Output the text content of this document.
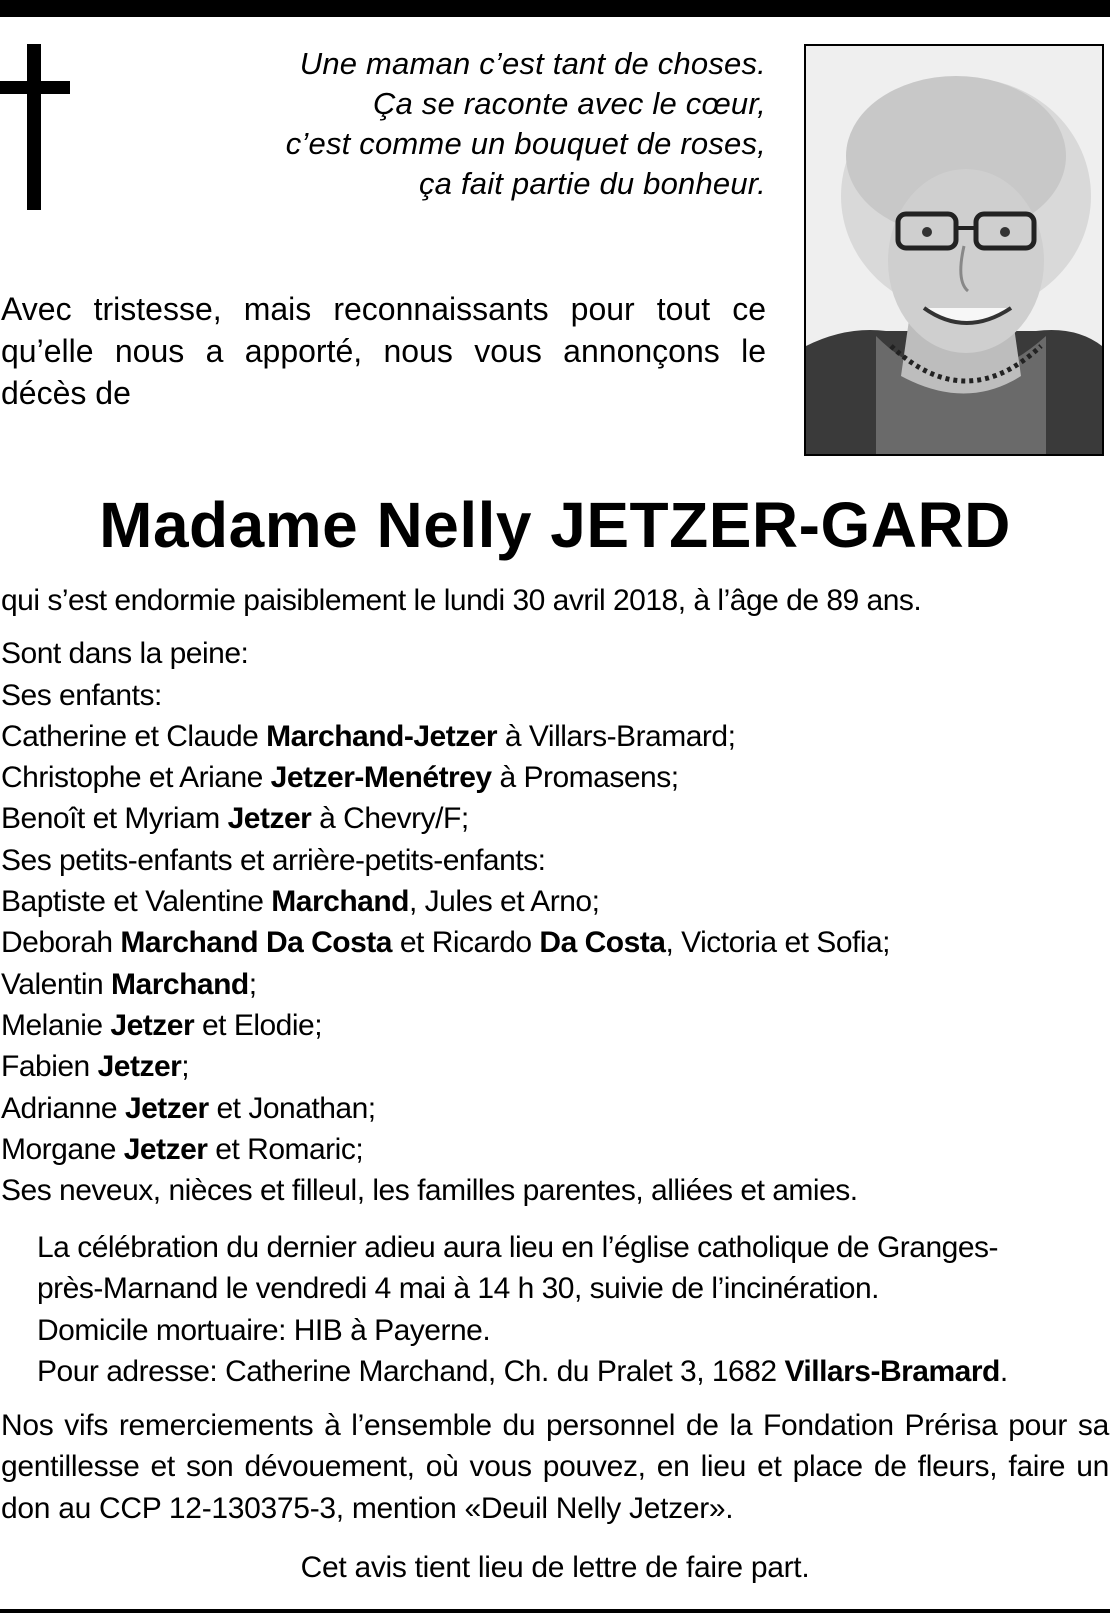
Une maman c’est tant de choses.
Ça se raconte avec le cœur,
c’est comme un bouquet de roses,
ça fait partie du bonheur.
Avec tristesse, mais reconnaissants pour tout ce qu’elle nous a apporté, nous vous annonçons le décès de
Madame Nelly JETZER-GARD
qui s’est endormie paisiblement le lundi 30 avril 2018, à l’âge de 89 ans.
Sont dans la peine:
Ses enfants:
Catherine et Claude Marchand-Jetzer à Villars-Bramard;
Christophe et Ariane Jetzer-Menétrey à Promasens;
Benoît et Myriam Jetzer à Chevry/F;
Ses petits-enfants et arrière-petits-enfants:
Baptiste et Valentine Marchand, Jules et Arno;
Deborah Marchand Da Costa et Ricardo Da Costa, Victoria et Sofia;
Valentin Marchand;
Melanie Jetzer et Elodie;
Fabien Jetzer;
Adrianne Jetzer et Jonathan;
Morgane Jetzer et Romaric;
Ses neveux, nièces et filleul, les familles parentes, alliées et amies.
La célébration du dernier adieu aura lieu en l’église catholique de Granges-
près-Marnand le vendredi 4 mai à 14 h 30, suivie de l’incinération.
Domicile mortuaire: HIB à Payerne.
Pour adresse: Catherine Marchand, Ch. du Pralet 3, 1682 Villars-Bramard.
Nos vifs remerciements à l’ensemble du personnel de la Fondation Prérisa pour sa gentillesse et son dévouement, où vous pouvez, en lieu et place de fleurs, faire un don au CCP 12-130375-3, mention «Deuil Nelly Jetzer».
Cet avis tient lieu de lettre de faire part.
